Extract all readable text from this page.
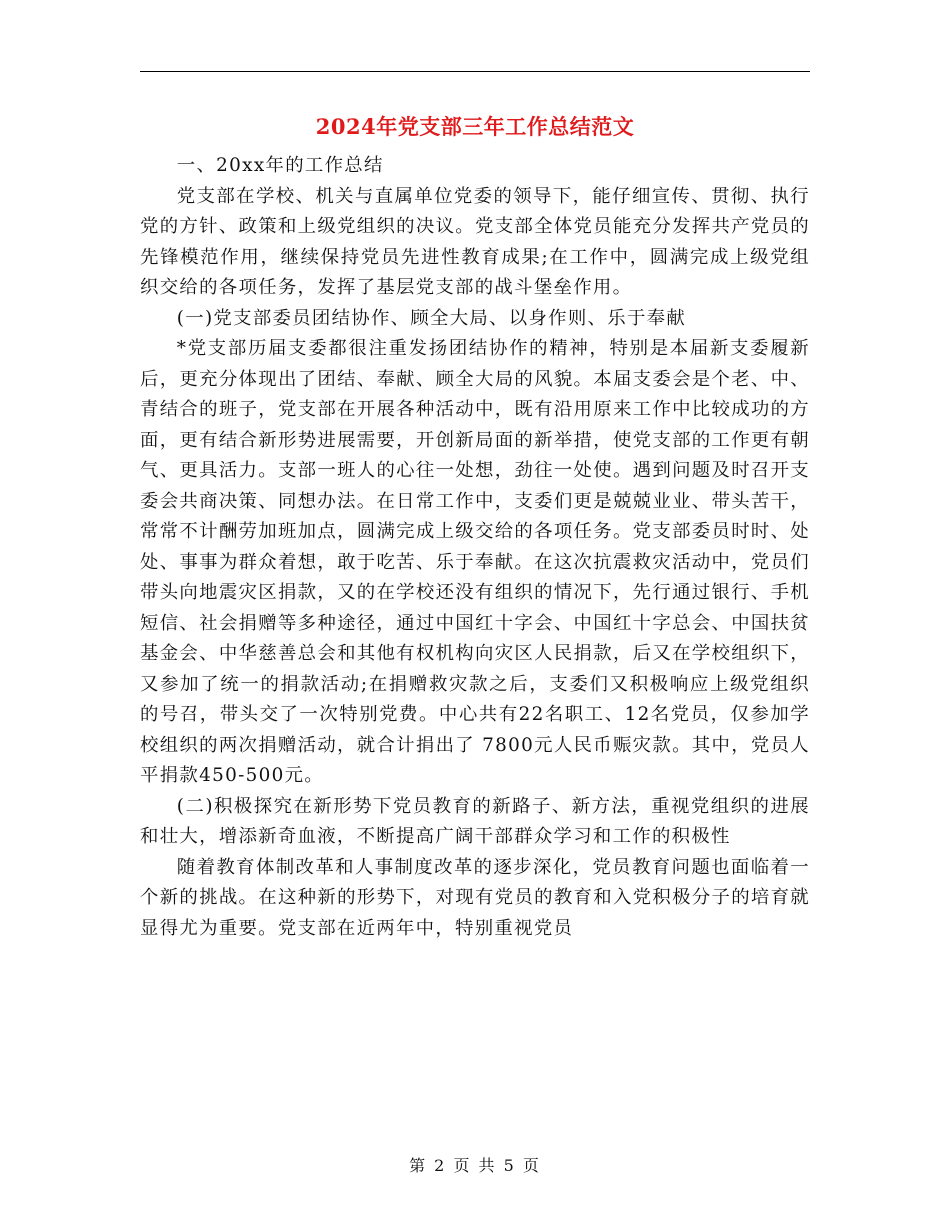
2024年党支部三年工作总结范文

一、20xx年的工作总结

党支部在学校、机关与直属单位党委的领导下，能仔细宣传、贯彻、执行党的方针、政策和上级党组织的决议。党支部全体党员能充分发挥共产党员的先锋模范作用，继续保持党员先进性教育成果;在工作中，圆满完成上级党组织交给的各项任务，发挥了基层党支部的战斗堡垒作用。

(一)党支部委员团结协作、顾全大局、以身作则、乐于奉献

*党支部历届支委都很注重发扬团结协作的精神，特别是本届新支委履新后，更充分体现出了团结、奉献、顾全大局的风貌。本届支委会是个老、中、青结合的班子，党支部在开展各种活动中，既有沿用原来工作中比较成功的方面，更有结合新形势进展需要，开创新局面的新举措，使党支部的工作更有朝气、更具活力。支部一班人的心往一处想，劲往一处使。遇到问题及时召开支委会共商决策、同想办法。在日常工作中，支委们更是兢兢业业、带头苦干，常常不计酬劳加班加点，圆满完成上级交给的各项任务。党支部委员时时、处处、事事为群众着想，敢于吃苦、乐于奉献。在这次抗震救灾活动中，党员们带头向地震灾区捐款，又的在学校还没有组织的情况下，先行通过银行、手机短信、社会捐赠等多种途径，通过中国红十字会、中国红十字总会、中国扶贫基金会、中华慈善总会和其他有权机构向灾区人民捐款，后又在学校组织下，又参加了统一的捐款活动;在捐赠救灾款之后，支委们又积极响应上级党组织的号召，带头交了一次特别党费。中心共有22名职工、12名党员，仅参加学校组织的两次捐赠活动，就合计捐出了 7800元人民币赈灾款。其中，党员人平捐款450-500元。

(二)积极探究在新形势下党员教育的新路子、新方法，重视党组织的进展和壮大，增添新奇血液，不断提高广阔干部群众学习和工作的积极性

随着教育体制改革和人事制度改革的逐步深化，党员教育问题也面临着一个新的挑战。在这种新的形势下，对现有党员的教育和入党积极分子的培育就显得尤为重要。党支部在近两年中，特别重视党员

第 2 页 共 5 页
